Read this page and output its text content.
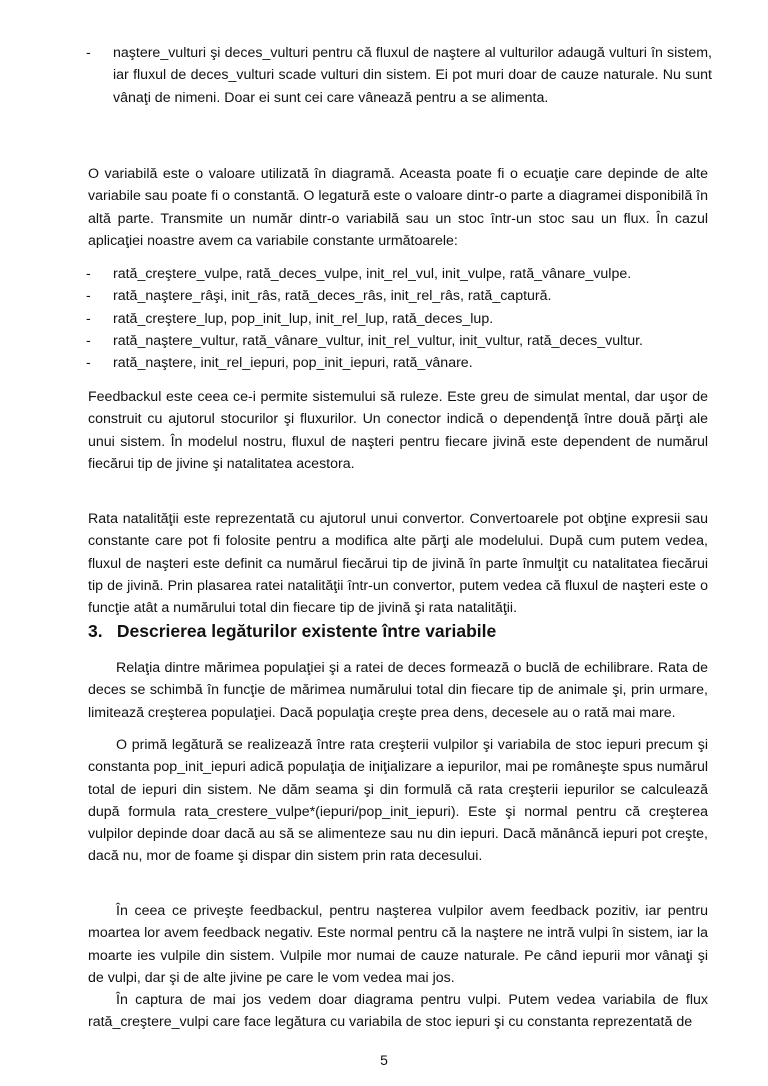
- naştere_vulturi şi deces_vulturi pentru că fluxul de naştere al vulturilor adaugă vulturi în sistem, iar fluxul de deces_vulturi scade vulturi din sistem. Ei pot muri doar de cauze naturale. Nu sunt vânaţi de nimeni. Doar ei sunt cei care vânează pentru a se alimenta.

O variabilă este o valoare utilizată în diagramă. Aceasta poate fi o ecuaţie care depinde de alte variabile sau poate fi o constantă. O legatură este o valoare dintr-o parte a diagramei disponibilă în altă parte. Transmite un număr dintr-o variabilă sau un stoc într-un stoc sau un flux. În cazul aplicaţiei noastre avem ca variabile constante următoarele:

- rată_creştere_vulpe, rată_deces_vulpe, init_rel_vul, init_vulpe, rată_vânare_vulpe.
- rată_naştere_râşi, init_râs, rată_deces_râs, init_rel_râs, rată_captură.
- rată_creştere_lup, pop_init_lup, init_rel_lup, rată_deces_lup.
- rată_naştere_vultur, rată_vânare_vultur, init_rel_vultur, init_vultur, rată_deces_vultur.
- rată_naştere, init_rel_iepuri, pop_init_iepuri, rată_vânare.

Feedbackul este ceea ce-i permite sistemului să ruleze. Este greu de simulat mental, dar uşor de construit cu ajutorul stocurilor şi fluxurilor. Un conector indică o dependenţă între două părţi ale unui sistem. În modelul nostru, fluxul de naşteri pentru fiecare jivină este dependent de numărul fiecărui tip de jivine şi natalitatea acestora.

Rata natalităţii este reprezentată cu ajutorul unui convertor. Convertoarele pot obţine expresii sau constante care pot fi folosite pentru a modifica alte părţi ale modelului. După cum putem vedea, fluxul de naşteri este definit ca numărul fiecărui tip de jivină în parte înmulţit cu natalitatea fiecărui tip de jivină. Prin plasarea ratei natalităţii într-un convertor, putem vedea că fluxul de naşteri este o funcţie atât a numărului total din fiecare tip de jivină şi rata natalităţii.

3. Descrierea legăturilor existente între variabile

Relaţia dintre mărimea populaţiei şi a ratei de deces formează o buclă de echilibrare. Rata de deces se schimbă în funcţie de mărimea numărului total din fiecare tip de animale şi, prin urmare, limitează creşterea populaţiei. Dacă populaţia creşte prea dens, decesele au o rată mai mare.

O primă legătură se realizează între rata creşterii vulpilor şi variabila de stoc iepuri precum şi constanta pop_init_iepuri adică populaţia de iniţializare a iepurilor, mai pe româneşte spus numărul total de iepuri din sistem. Ne dăm seama şi din formulă că rata creşterii iepurilor se calculează după formula rata_crestere_vulpe*(iepuri/pop_init_iepuri). Este şi normal pentru că creşterea vulpilor depinde doar dacă au să se alimenteze sau nu din iepuri. Dacă mănâncă iepuri pot creşte, dacă nu, mor de foame şi dispar din sistem prin rata decesului.

În ceea ce priveşte feedbackul, pentru naşterea vulpilor avem feedback pozitiv, iar pentru moartea lor avem feedback negativ. Este normal pentru că la naştere ne intră vulpi în sistem, iar la moarte ies vulpile din sistem. Vulpile mor numai de cauze naturale. Pe când iepurii mor vânaţi şi de vulpi, dar şi de alte jivine pe care le vom vedea mai jos.

În captura de mai jos vedem doar diagrama pentru vulpi. Putem vedea variabila de flux rată_creştere_vulpi care face legătura cu variabila de stoc iepuri şi cu constanta reprezentată de

5
